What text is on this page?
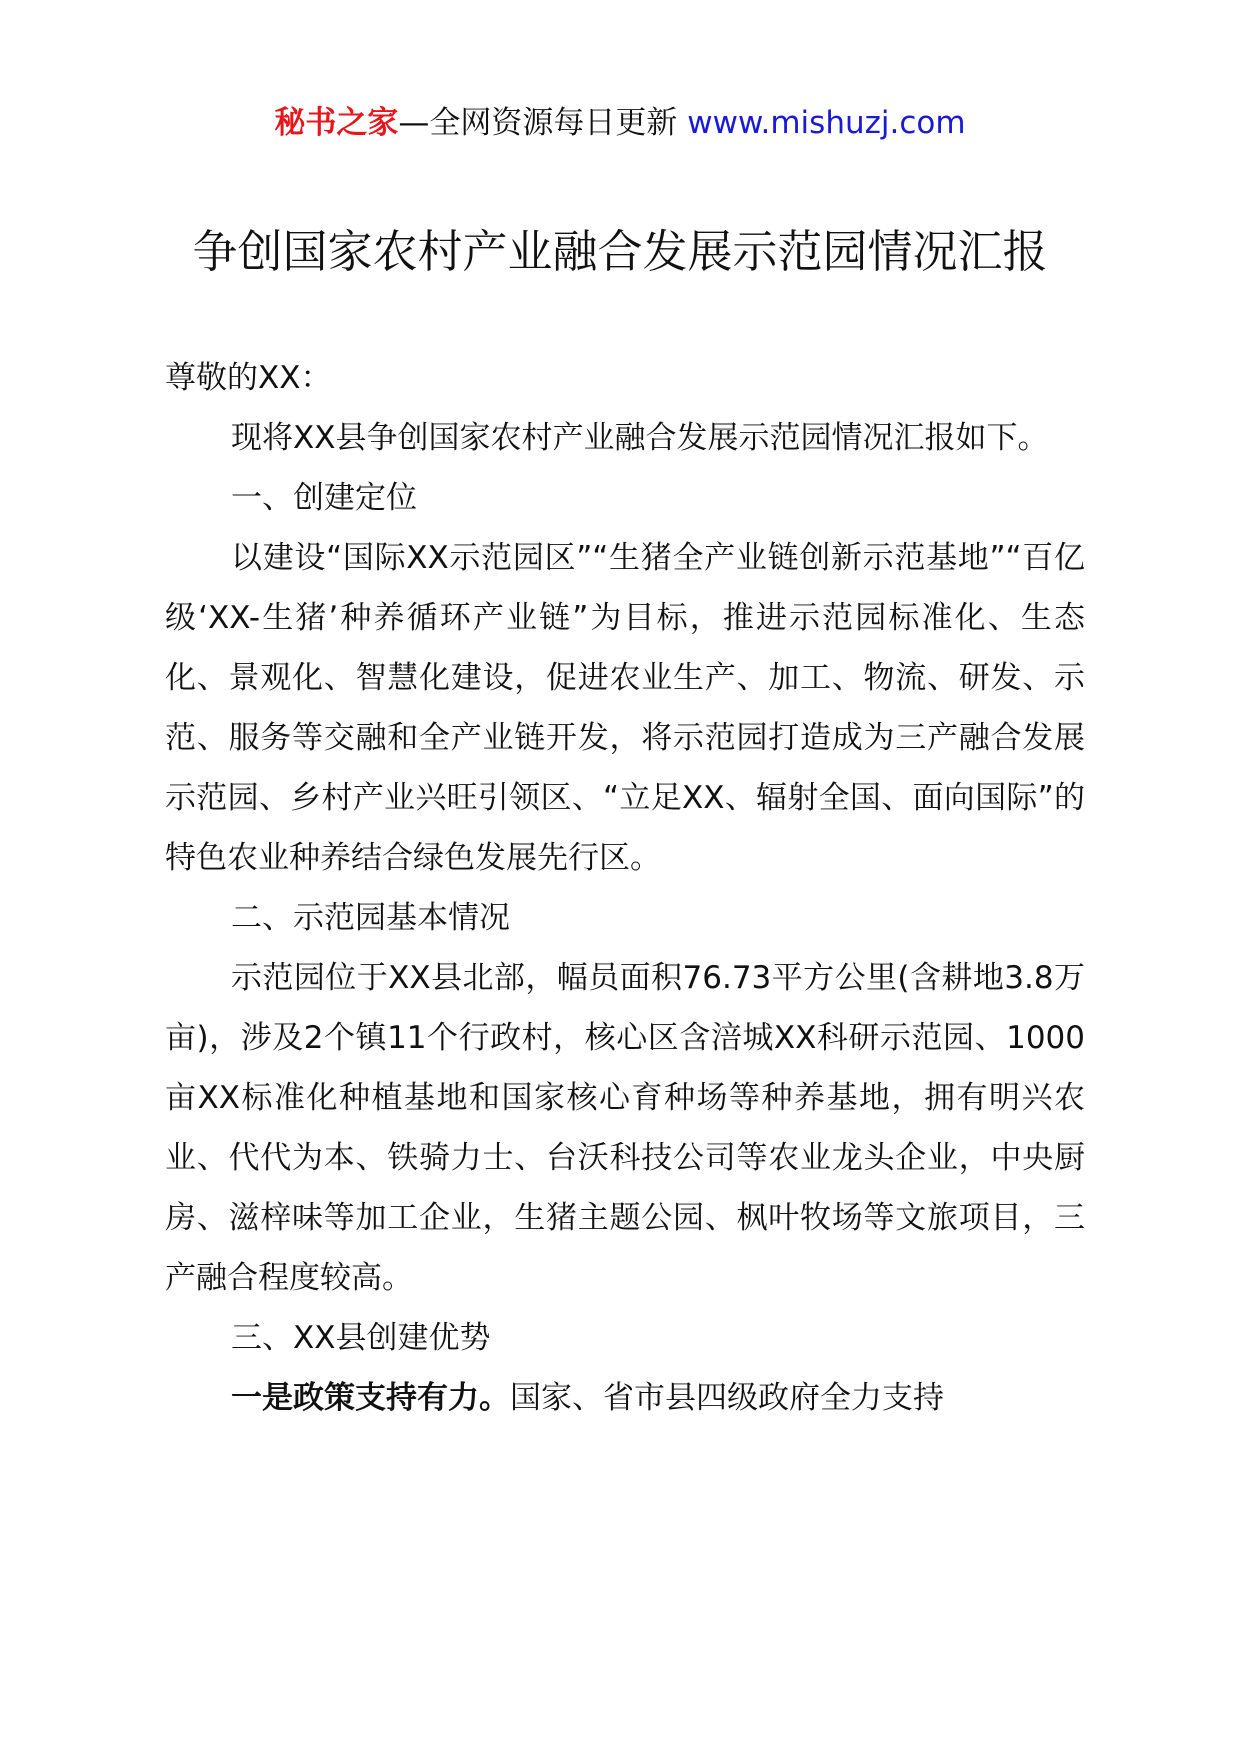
秘书之家—全网资源每日更新 www.mishuzj.com
争创国家农村产业融合发展示范园情况汇报

尊敬的XX：

现将XX县争创国家农村产业融合发展示范园情况汇报如下。

一、创建定位

以建设“国际XX示范园区”“生猪全产业链创新示范基地”“百亿级‘XX-生猪’种养循环产业链”为目标，推进示范园标准化、生态化、景观化、智慧化建设，促进农业生产、加工、物流、研发、示范、服务等交融和全产业链开发，将示范园打造成为三产融合发展示范园、乡村产业兴旺引领区、“立足XX、辐射全国、面向国际”的特色农业种养结合绿色发展先行区。

二、示范园基本情况

示范园位于XX县北部，幅员面积76.73平方公里(含耕地3.8万亩)，涉及2个镇11个行政村，核心区含涪城XX科研示范园、1000亩XX标准化种植基地和国家核心育种场等种养基地，拥有明兴农业、代代为本、铁骑力士、台沃科技公司等农业龙头企业，中央厨房、滋梓味等加工企业，生猪主题公园、枫叶牧场等文旅项目，三产融合程度较高。

三、XX县创建优势

一是政策支持有力。国家、省市县四级政府全力支持
